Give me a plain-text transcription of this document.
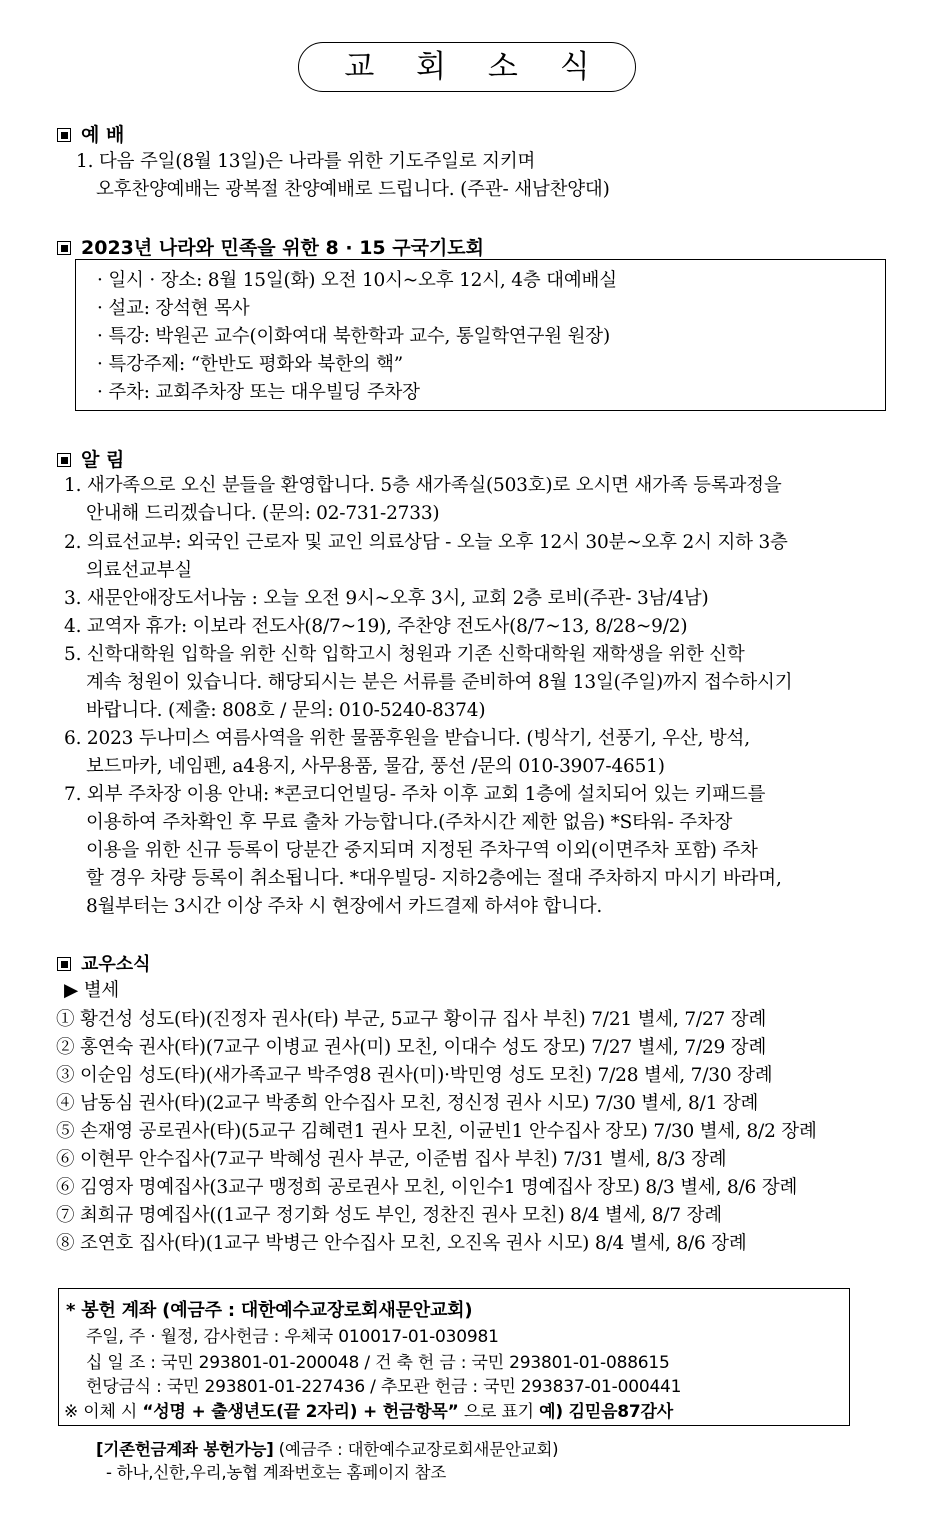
교 회 소 식
예 배
1. 다음 주일(8월 13일)은 나라를 위한 기도주일로 지키며
오후찬양예배는 광복절 찬양예배로 드립니다. (주관- 새남찬양대)
2023년 나라와 민족을 위한 8 · 15 구국기도회
· 일시 · 장소: 8월 15일(화) 오전 10시~오후 12시, 4층 대예배실
· 설교: 장석현 목사
· 특강: 박원곤 교수(이화여대 북한학과 교수, 통일학연구원 원장)
· 특강주제: “한반도 평화와 북한의 핵”
· 주차: 교회주차장 또는 대우빌딩 주차장
알 림
1. 새가족으로 오신 분들을 환영합니다. 5층 새가족실(503호)로 오시면 새가족 등록과정을
안내해 드리겠습니다. (문의: 02-731-2733)
2. 의료선교부: 외국인 근로자 및 교인 의료상담 - 오늘 오후 12시 30분~오후 2시 지하 3층
의료선교부실
3. 새문안애장도서나눔 : 오늘 오전 9시~오후 3시, 교회 2층 로비(주관- 3남/4남)
4. 교역자 휴가: 이보라 전도사(8/7~19), 주찬양 전도사(8/7~13, 8/28~9/2)
5. 신학대학원 입학을 위한 신학 입학고시 청원과 기존 신학대학원 재학생을 위한 신학
계속 청원이 있습니다. 해당되시는 분은 서류를 준비하여 8월 13일(주일)까지 접수하시기
바랍니다. (제출: 808호 / 문의: 010-5240-8374)
6. 2023 두나미스 여름사역을 위한 물품후원을 받습니다. (빙삭기, 선풍기, 우산, 방석,
보드마카, 네임펜, a4용지, 사무용품, 물감, 풍선 /문의 010-3907-4651)
7. 외부 주차장 이용 안내: *콘코디언빌딩- 주차 이후 교회 1층에 설치되어 있는 키패드를
이용하여 주차확인 후 무료 출차 가능합니다.(주차시간 제한 없음) *S타워- 주차장
이용을 위한 신규 등록이 당분간 중지되며 지정된 주차구역 이외(이면주차 포함) 주차
할 경우 차량 등록이 취소됩니다. *대우빌딩- 지하2층에는 절대 주차하지 마시기 바라며,
8월부터는 3시간 이상 주차 시 현장에서 카드결제 하셔야 합니다.
교우소식
▶ 별세
① 황건성 성도(타)(진정자 권사(타) 부군, 5교구 황이규 집사 부친) 7/21 별세, 7/27 장례
② 홍연숙 권사(타)(7교구 이병교 권사(미) 모친, 이대수 성도 장모) 7/27 별세, 7/29 장례
③ 이순임 성도(타)(새가족교구 박주영8 권사(미)·박민영 성도 모친) 7/28 별세, 7/30 장례
④ 남동심 권사(타)(2교구 박종희 안수집사 모친, 정신정 권사 시모) 7/30 별세, 8/1 장례
⑤ 손재영 공로권사(타)(5교구 김혜련1 권사 모친, 이균빈1 안수집사 장모) 7/30 별세, 8/2 장례
⑥ 이현무 안수집사(7교구 박혜성 권사 부군, 이준범 집사 부친) 7/31 별세, 8/3 장례
⑥ 김영자 명예집사(3교구 맹정희 공로권사 모친, 이인수1 명예집사 장모) 8/3 별세, 8/6 장례
⑦ 최희규 명예집사((1교구 정기화 성도 부인, 정찬진 권사 모친) 8/4 별세, 8/7 장례
⑧ 조연호 집사(타)(1교구 박병근 안수집사 모친, 오진옥 권사 시모) 8/4 별세, 8/6 장례
* 봉헌 계좌 (예금주 : 대한예수교장로회새문안교회)
주일, 주 · 월정, 감사헌금 : 우체국 010017-01-030981
십 일 조 : 국민 293801-01-200048 / 건 축 헌 금 : 국민 293801-01-088615
헌당금식 : 국민 293801-01-227436 / 추모관 헌금 : 국민 293837-01-000441
※ 이체 시 “성명 + 출생년도(끝 2자리) + 헌금항목” 으로 표기 예) 김믿음87감사
[기존헌금계좌 봉헌가능] (예금주 : 대한예수교장로회새문안교회)
- 하나,신한,우리,농협 계좌번호는 홈페이지 참조
